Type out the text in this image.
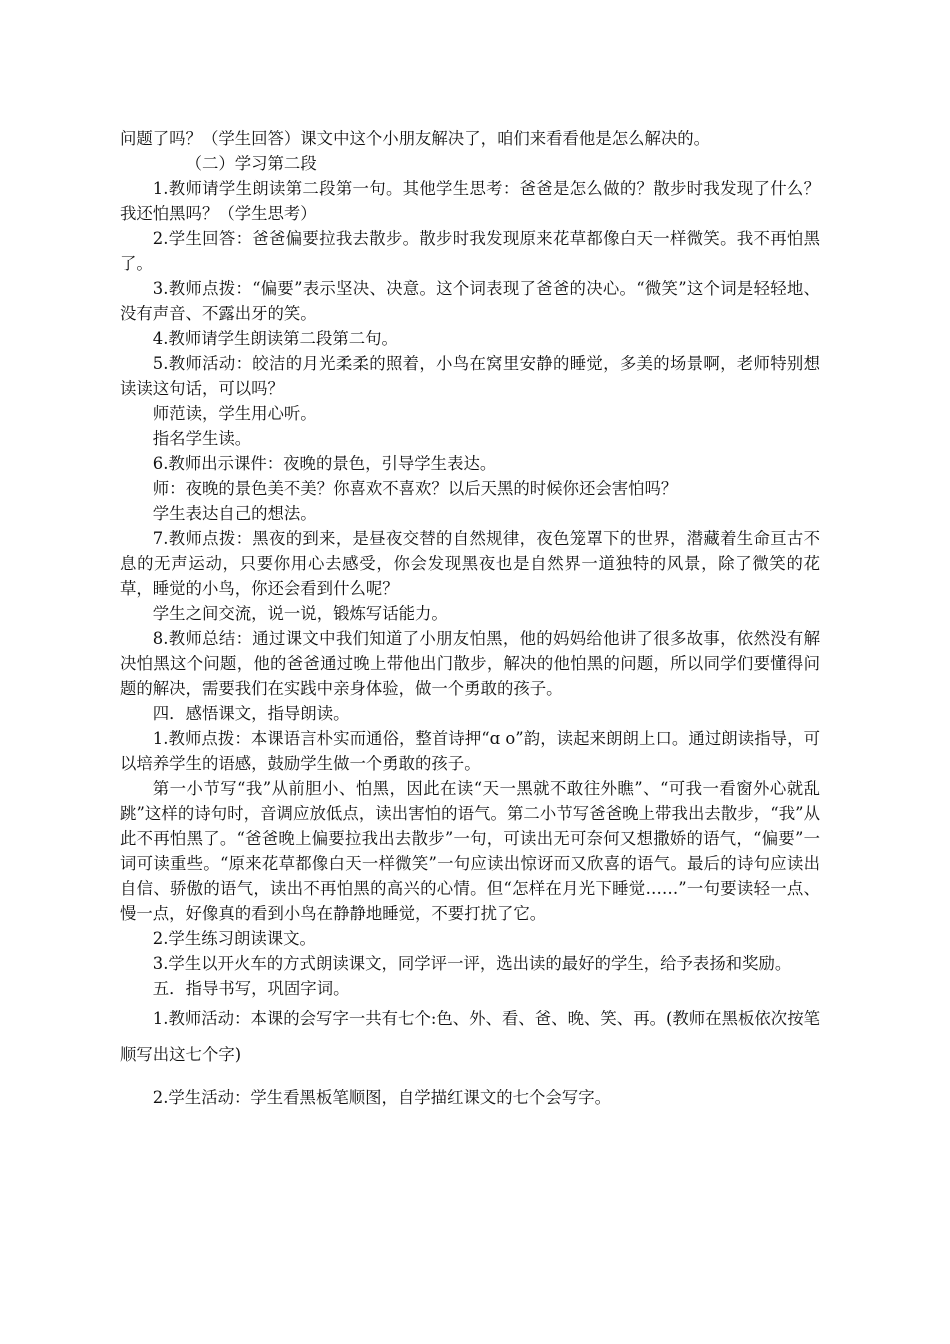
问题了吗？（学生回答）课文中这个小朋友解决了，咱们来看看他是怎么解决的。

（二）学习第二段

1.教师请学生朗读第二段第一句。其他学生思考：爸爸是怎么做的？散步时我发现了什么？我还怕黑吗？（学生思考）

2.学生回答：爸爸偏要拉我去散步。散步时我发现原来花草都像白天一样微笑。我不再怕黑了。

3.教师点拨：“偏要”表示坚决、决意。这个词表现了爸爸的决心。“微笑”这个词是轻轻地、没有声音、不露出牙的笑。

4.教师请学生朗读第二段第二句。

5.教师活动：皎洁的月光柔柔的照着，小鸟在窝里安静的睡觉，多美的场景啊，老师特别想读读这句话，可以吗？

师范读，学生用心听。

指名学生读。

6.教师出示课件：夜晚的景色，引导学生表达。

师：夜晚的景色美不美？你喜欢不喜欢？以后天黑的时候你还会害怕吗？

学生表达自己的想法。

7.教师点拨：黑夜的到来，是昼夜交替的自然规律，夜色笼罩下的世界，潜藏着生命亘古不息的无声运动，只要你用心去感受，你会发现黑夜也是自然界一道独特的风景，除了微笑的花草，睡觉的小鸟，你还会看到什么呢？

学生之间交流，说一说，锻炼写话能力。

8.教师总结：通过课文中我们知道了小朋友怕黑，他的妈妈给他讲了很多故事，依然没有解决怕黑这个问题，他的爸爸通过晚上带他出门散步，解决的他怕黑的问题，所以同学们要懂得问题的解决，需要我们在实践中亲身体验，做一个勇敢的孩子。

四．感悟课文，指导朗读。

1.教师点拨：本课语言朴实而通俗，整首诗押“ɑ o”韵，读起来朗朗上口。通过朗读指导，可以培养学生的语感，鼓励学生做一个勇敢的孩子。

第一小节写“我”从前胆小、怕黑，因此在读“天一黑就不敢往外瞧”、“可我一看窗外心就乱跳”这样的诗句时，音调应放低点，读出害怕的语气。第二小节写爸爸晚上带我出去散步，“我”从此不再怕黑了。“爸爸晚上偏要拉我出去散步”一句，可读出无可奈何又想撒娇的语气，“偏要”一词可读重些。“原来花草都像白天一样微笑”一句应读出惊讶而又欣喜的语气。最后的诗句应读出自信、骄傲的语气，读出不再怕黑的高兴的心情。但“怎样在月光下睡觉……”一句要读轻一点、慢一点，好像真的看到小鸟在静静地睡觉，不要打扰了它。

2.学生练习朗读课文。

3.学生以开火车的方式朗读课文，同学评一评，选出读的最好的学生，给予表扬和奖励。

五．指导书写，巩固字词。

1.教师活动：本课的会写字一共有七个:色、外、看、爸、晚、笑、再。(教师在黑板依次按笔顺写出这七个字)

2.学生活动：学生看黑板笔顺图，自学描红课文的七个会写字。
